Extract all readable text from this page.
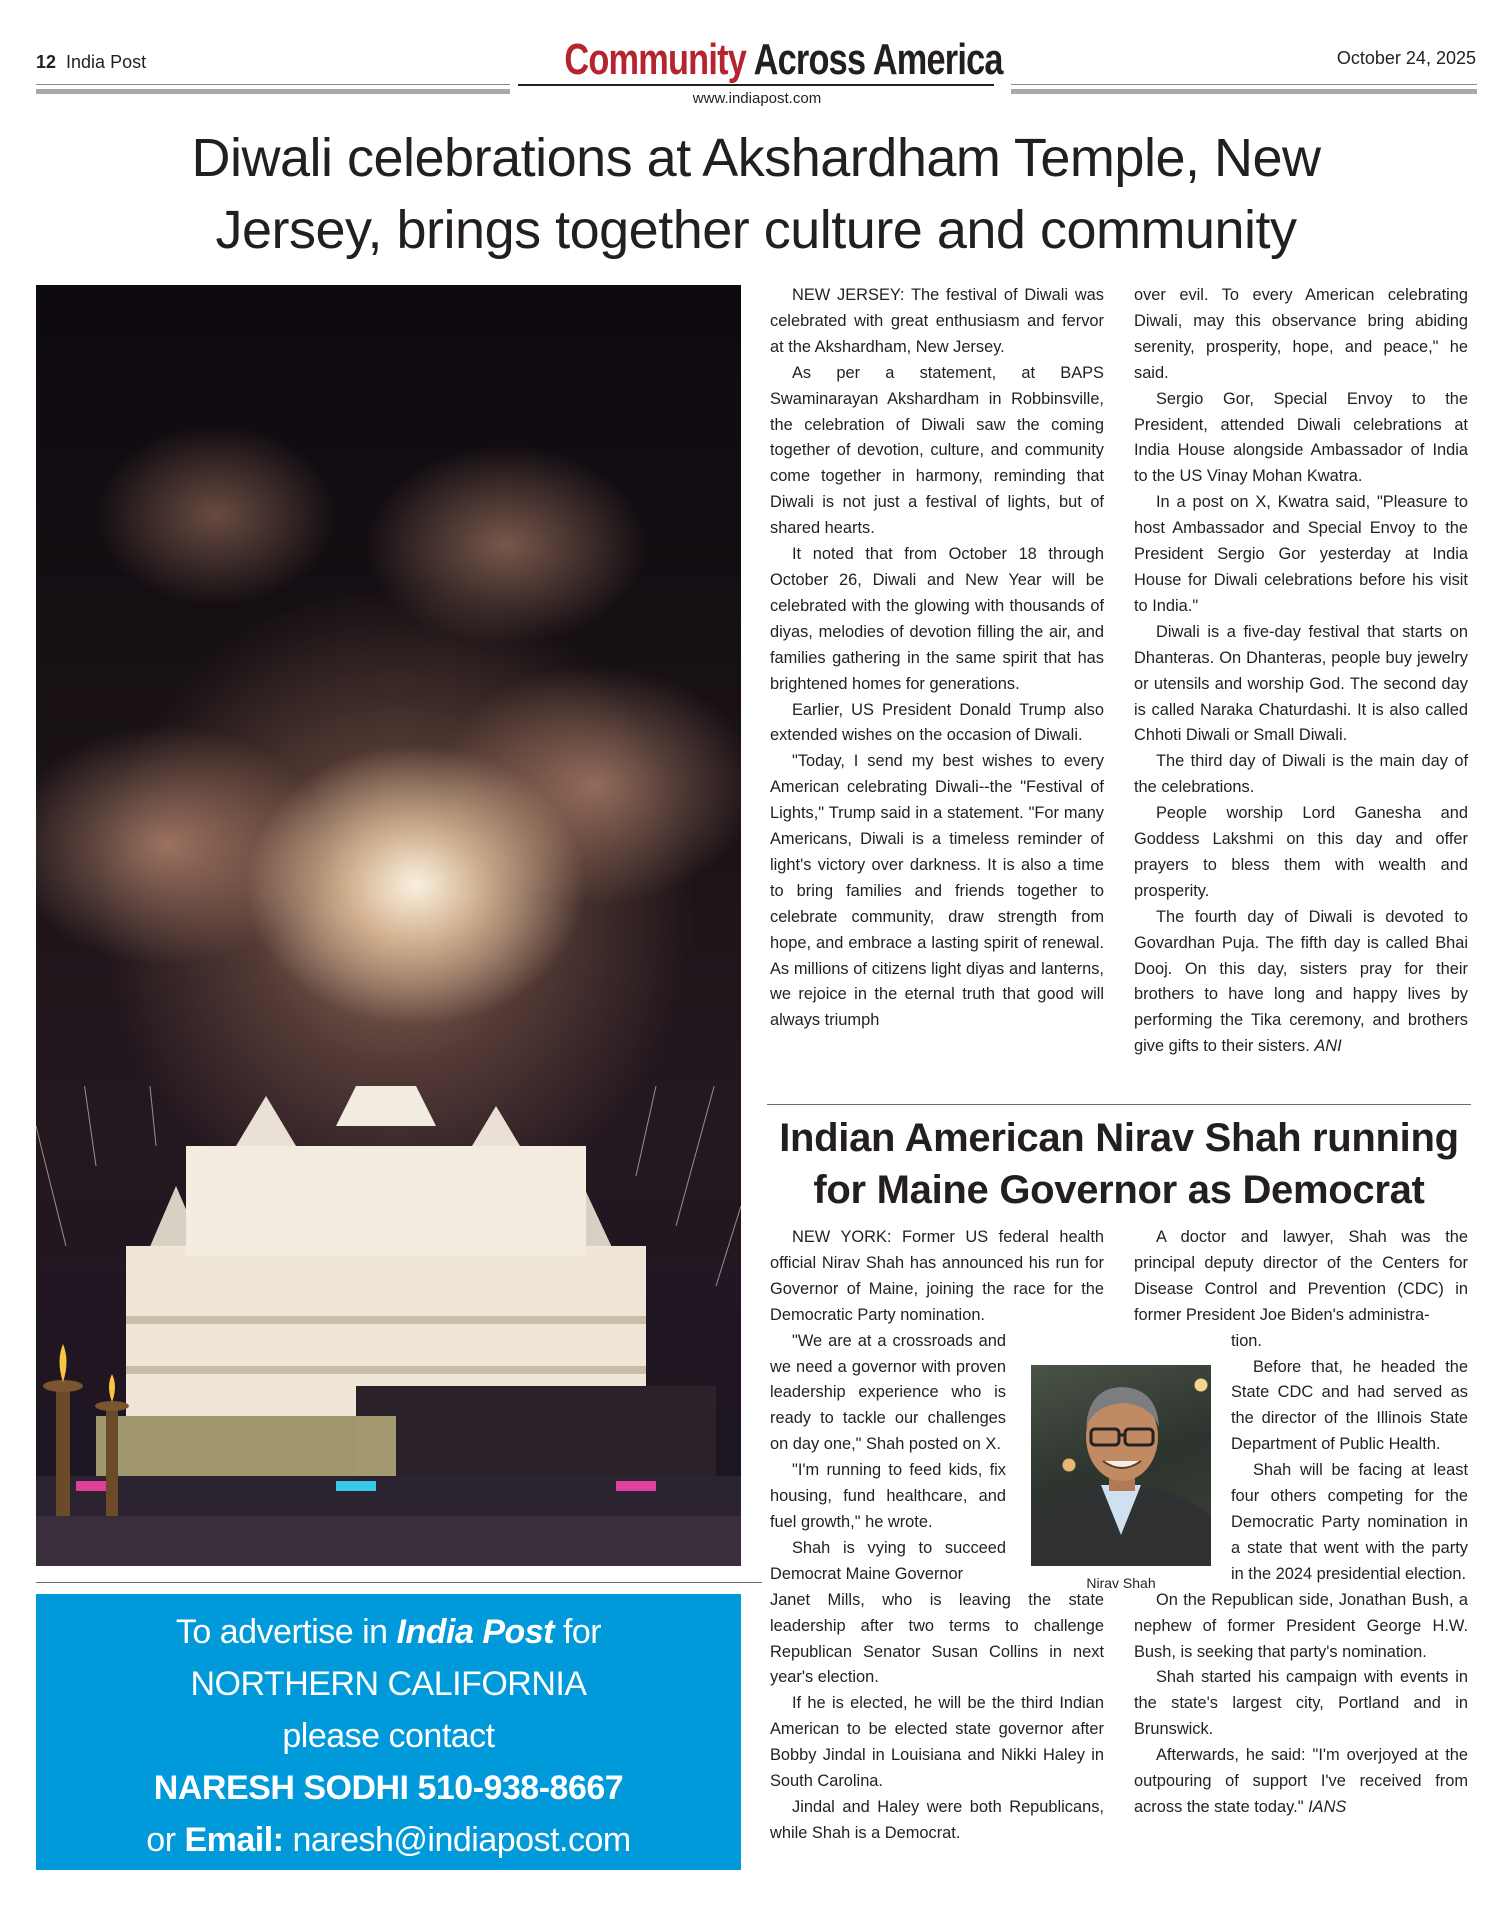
12 India Post	Community Across America
www.indiapost.com
October 24, 2025
Diwali celebrations at Akshardham Temple, New
Jersey, brings together culture and community

NEW JERSEY: The festival of Diwali was celebrated with great enthusiasm and fervor at the Akshardham, New Jersey.

As per a statement, at BAPS Swaminarayan Akshardham in Robbinsville, the celebration of Diwali saw the coming together of devotion, culture, and community come together in harmony, reminding that Diwali is not just a festival of lights, but of shared hearts.

It noted that from October 18 through October 26, Diwali and New Year will be celebrated with the glowing with thousands of diyas, melodies of devotion filling the air, and families gathering in the same spirit that has brightened homes for generations.

Earlier, US President Donald Trump also extended wishes on the occasion of Diwali.

"Today, I send my best wishes to every American celebrating Diwali--the "Festival of Lights," Trump said in a statement. "For many Americans, Diwali is a timeless reminder of light's victory over darkness. It is also a time to bring families and friends together to celebrate community, draw strength from hope, and embrace a lasting spirit of renewal. As millions of citizens light diyas and lanterns, we rejoice in the eternal truth that good will always triumph

over evil. To every American celebrating Diwali, may this observance bring abiding serenity, prosperity, hope, and peace," he said.

Sergio Gor, Special Envoy to the President, attended Diwali celebrations at India House alongside Ambassador of India to the US Vinay Mohan Kwatra.

In a post on X, Kwatra said, "Pleasure to host Ambassador and Special Envoy to the President Sergio Gor yesterday at India House for Diwali celebrations before his visit to India."

Diwali is a five-day festival that starts on Dhanteras. On Dhanteras, people buy jewelry or utensils and worship God. The second day is called Naraka Chaturdashi. It is also called Chhoti Diwali or Small Diwali.

The third day of Diwali is the main day of the celebrations.

People worship Lord Ganesha and Goddess Lakshmi on this day and offer prayers to bless them with wealth and prosperity.

The fourth day of Diwali is devoted to Govardhan Puja. The fifth day is called Bhai Dooj. On this day, sisters pray for their brothers to have long and happy lives by performing the Tika ceremony, and brothers give gifts to their sisters. ANI

Indian American Nirav Shah running
for Maine Governor as Democrat

NEW YORK: Former US federal health official Nirav Shah has announced his run for Governor of Maine, joining the race for the Democratic Party nomination.

"We are at a crossroads and we need a governor with proven leadership experience who is ready to tackle our challenges on day one," Shah posted on X.

"I'm running to feed kids, fix housing, fund healthcare, and fuel growth," he wrote.

Shah is vying to succeed Democrat Maine Governor

Janet Mills, who is leaving the state leadership after two terms to challenge Republican Senator Susan Collins in next year's election.

If he is elected, he will be the third Indian American to be elected state governor after Bobby Jindal in Louisiana and Nikki Haley in South Carolina.

Jindal and Haley were both Republicans, while Shah is a Democrat.

A doctor and lawyer, Shah was the principal deputy director of the Centers for Disease Control and Prevention (CDC) in former President Joe Biden's administra-

tion.

Before that, he headed the State CDC and had served as the director of the Illinois State Department of Public Health.

Shah will be facing at least four others competing for the Democratic Party nomination in a state that went with the party in the 2024 presidential election.

On the Republican side, Jonathan Bush, a nephew of former President George H.W. Bush, is seeking that party's nomination.

Shah started his campaign with events in the state's largest city, Portland and in Brunswick.

Afterwards, he said: "I'm overjoyed at the outpouring of support I've received from across the state today." IANS

Nirav Shah
To advertise in India Post for
NORTHERN CALIFORNIA
please contact
NARESH SODHI 510-938-8667
or Email: naresh@indiapost.com
